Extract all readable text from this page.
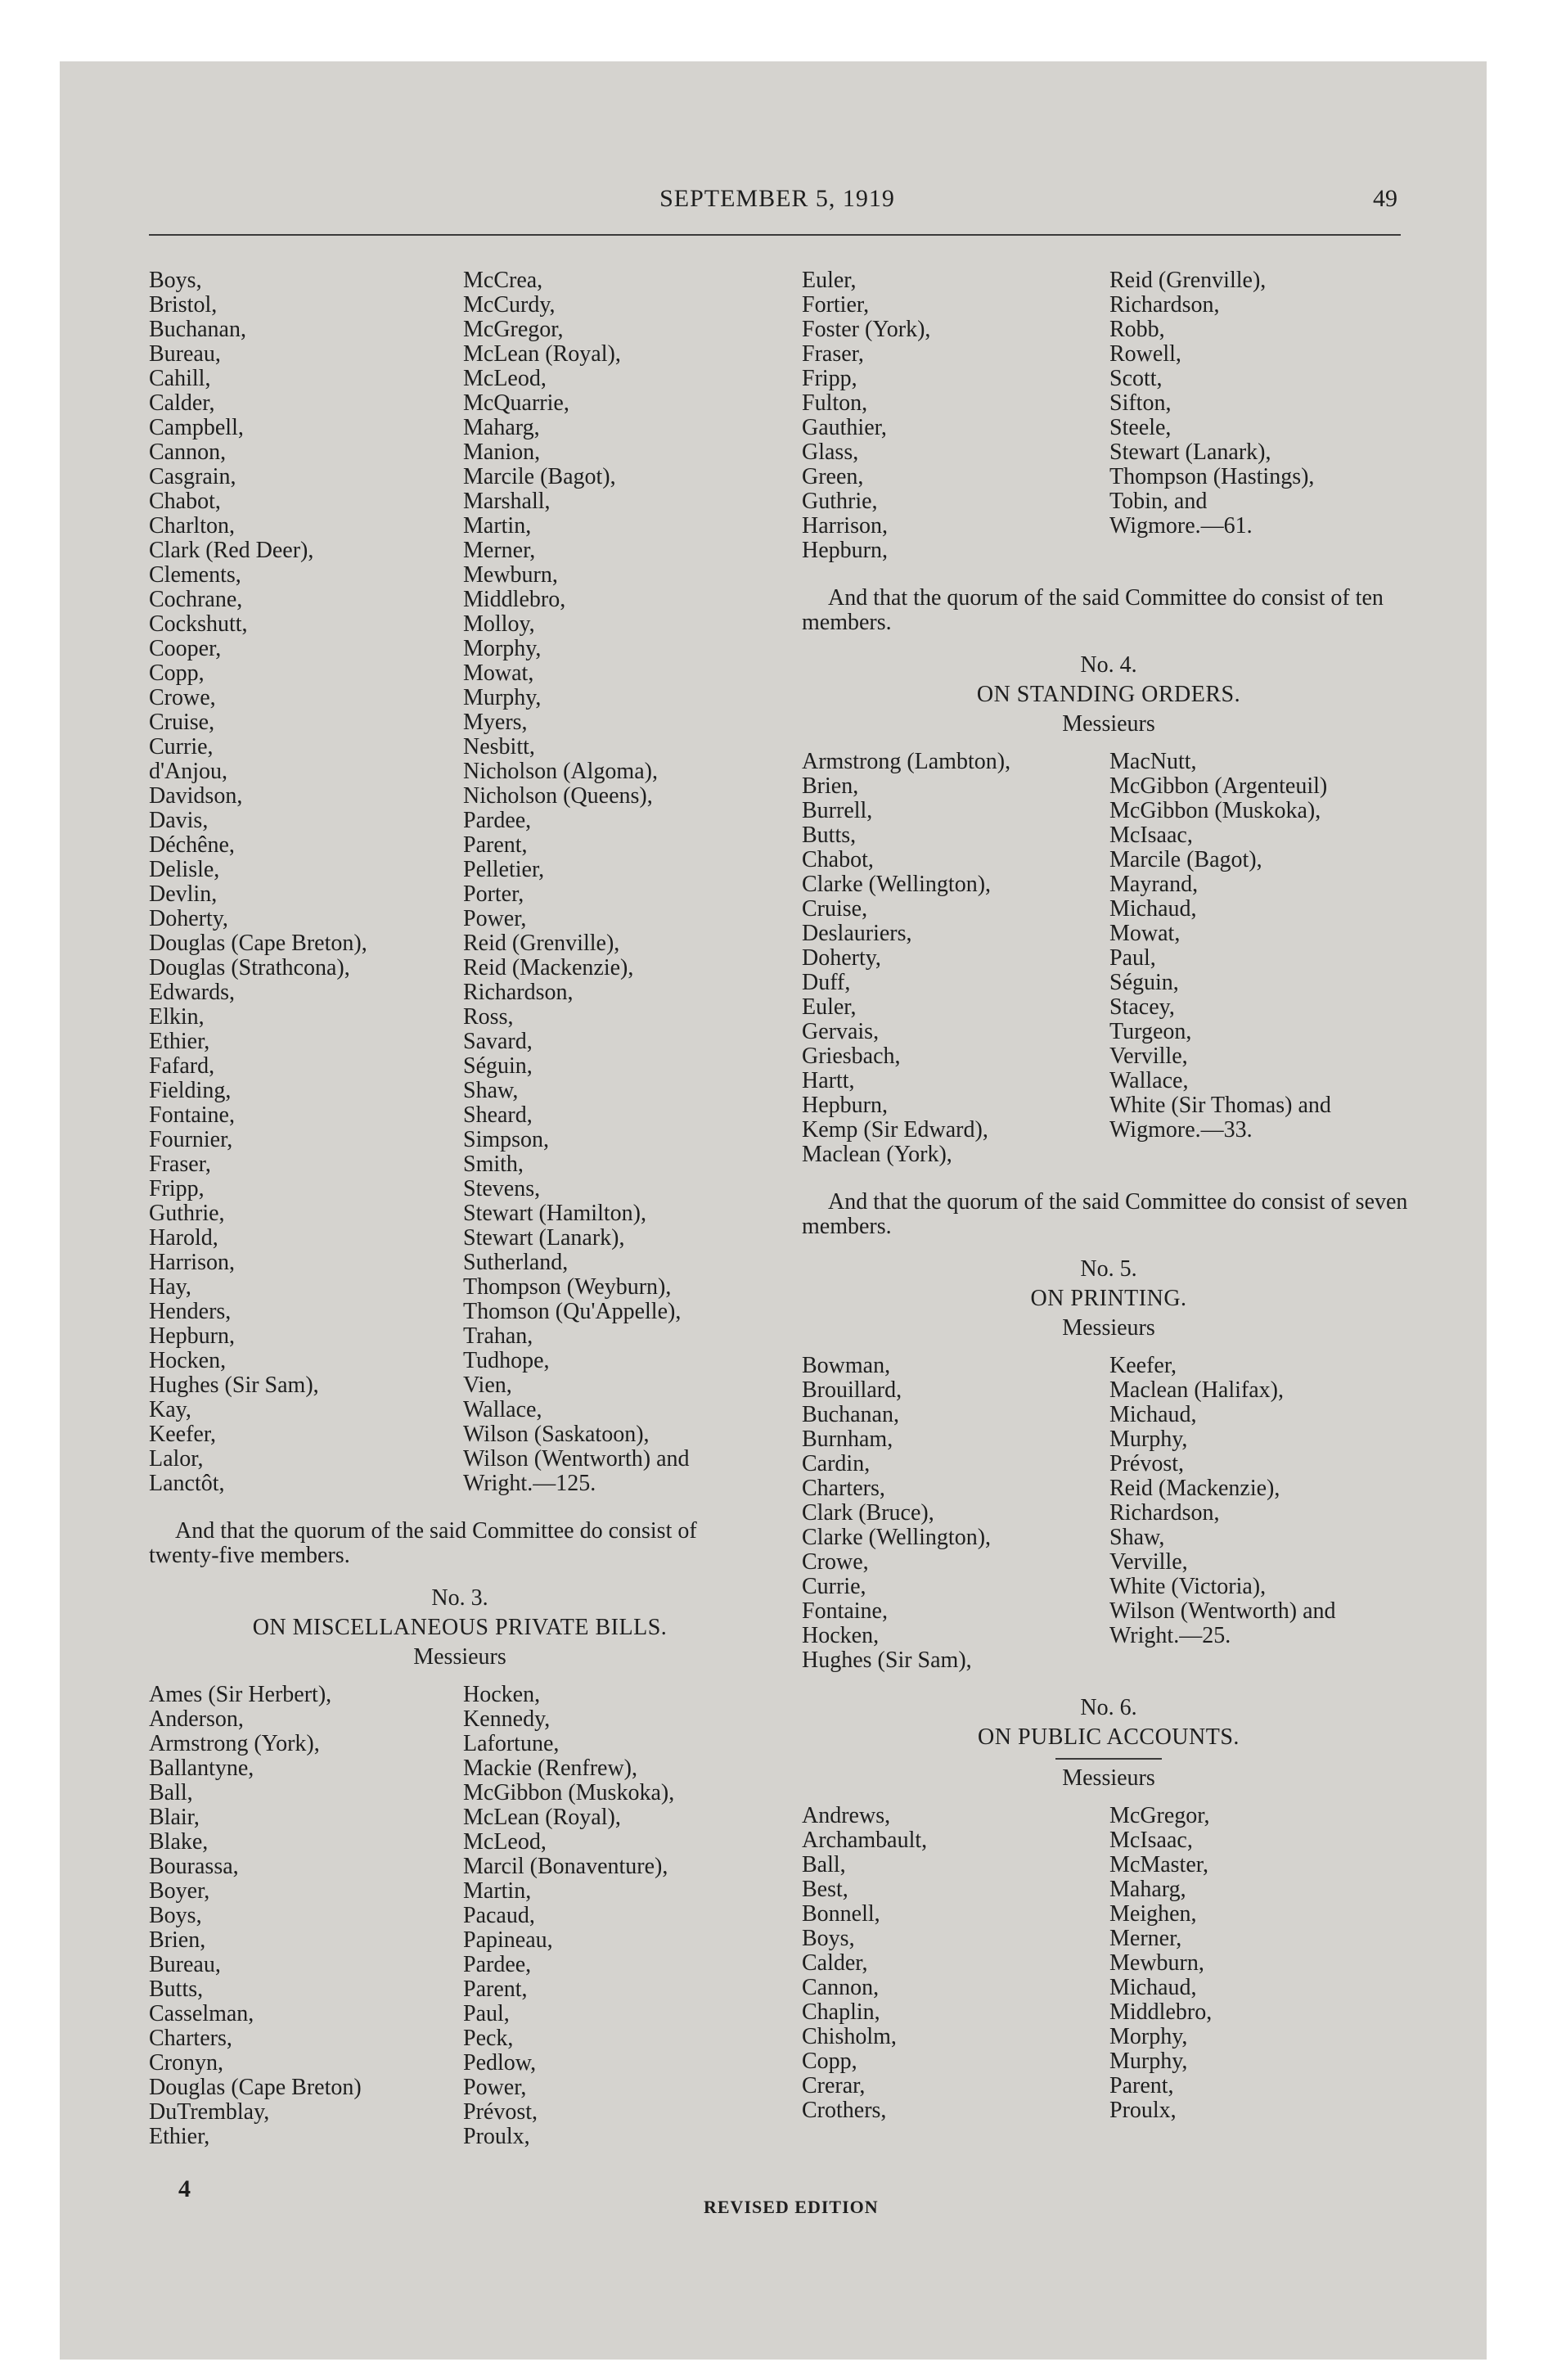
SEPTEMBER 5, 1919	49
Boys,
Bristol,
Buchanan,
Bureau,
Cahill,
Calder,
Campbell,
Cannon,
Casgrain,
Chabot,
Charlton,
Clark (Red Deer),
Clements,
Cochrane,
Cockshutt,
Cooper,
Copp,
Crowe,
Cruise,
Currie,
d'Anjou,
Davidson,
Davis,
Déchêne,
Delisle,
Devlin,
Doherty,
Douglas (Cape Breton),
Douglas (Strathcona),
Edwards,
Elkin,
Ethier,
Fafard,
Fielding,
Fontaine,
Fournier,
Fraser,
Fripp,
Guthrie,
Harold,
Harrison,
Hay,
Henders,
Hepburn,
Hocken,
Hughes (Sir Sam),
Kay,
Keefer,
Lalor,
Lanctôt,
McCrea,
McCurdy,
McGregor,
McLean (Royal),
McLeod,
McQuarrie,
Maharg,
Manion,
Marcile (Bagot),
Marshall,
Martin,
Merner,
Mewburn,
Middlebro,
Molloy,
Morphy,
Mowat,
Murphy,
Myers,
Nesbitt,
Nicholson (Algoma),
Nicholson (Queens),
Pardee,
Parent,
Pelletier,
Porter,
Power,
Reid (Grenville),
Reid (Mackenzie),
Richardson,
Ross,
Savard,
Séguin,
Shaw,
Sheard,
Simpson,
Smith,
Stevens,
Stewart (Hamilton),
Stewart (Lanark),
Sutherland,
Thompson (Weyburn),
Thomson (Qu'Appelle),
Trahan,
Tudhope,
Vien,
Wallace,
Wilson (Saskatoon),
Wilson (Wentworth) and
Wright.—125.

And that the quorum of the said Committee do consist of twenty-five members.

No. 3.

ON MISCELLANEOUS PRIVATE BILLS.

Messieurs

Ames (Sir Herbert),
Anderson,
Armstrong (York),
Ballantyne,
Ball,
Blair,
Blake,
Bourassa,
Boyer,
Boys,
Brien,
Bureau,
Butts,
Casselman,
Charters,
Cronyn,
Douglas (Cape Breton)
DuTremblay,
Ethier,
Hocken,
Kennedy,
Lafortune,
Mackie (Renfrew),
McGibbon (Muskoka),
McLean (Royal),
McLeod,
Marcil (Bonaventure),
Martin,
Pacaud,
Papineau,
Pardee,
Parent,
Paul,
Peck,
Pedlow,
Power,
Prévost,
Proulx,
Euler,
Fortier,
Foster (York),
Fraser,
Fripp,
Fulton,
Gauthier,
Glass,
Green,
Guthrie,
Harrison,
Hepburn,
Reid (Grenville),
Richardson,
Robb,
Rowell,
Scott,
Sifton,
Steele,
Stewart (Lanark),
Thompson (Hastings),
Tobin, and
Wigmore.—61.

And that the quorum of the said Committee do consist of ten members.

No. 4.

ON STANDING ORDERS.

Messieurs

Armstrong (Lambton),
Brien,
Burrell,
Butts,
Chabot,
Clarke (Wellington),
Cruise,
Deslauriers,
Doherty,
Duff,
Euler,
Gervais,
Griesbach,
Hartt,
Hepburn,
Kemp (Sir Edward),
Maclean (York),
MacNutt,
McGibbon (Argenteuil)
McGibbon (Muskoka),
McIsaac,
Marcile (Bagot),
Mayrand,
Michaud,
Mowat,
Paul,
Séguin,
Stacey,
Turgeon,
Verville,
Wallace,
White (Sir Thomas) and
Wigmore.—33.

And that the quorum of the said Committee do consist of seven members.

No. 5.

ON PRINTING.

Messieurs

Bowman,
Brouillard,
Buchanan,
Burnham,
Cardin,
Charters,
Clark (Bruce),
Clarke (Wellington),
Crowe,
Currie,
Fontaine,
Hocken,
Hughes (Sir Sam),
Keefer,
Maclean (Halifax),
Michaud,
Murphy,
Prévost,
Reid (Mackenzie),
Richardson,
Shaw,
Verville,
White (Victoria),
Wilson (Wentworth) and
Wright.—25.

No. 6.

ON PUBLIC ACCOUNTS.

Messieurs

Andrews,
Archambault,
Ball,
Best,
Bonnell,
Boys,
Calder,
Cannon,
Chaplin,
Chisholm,
Copp,
Crerar,
Crothers,
McGregor,
McIsaac,
McMaster,
Maharg,
Meighen,
Merner,
Mewburn,
Michaud,
Middlebro,
Morphy,
Murphy,
Parent,
Proulx,
4
REVISED EDITION
